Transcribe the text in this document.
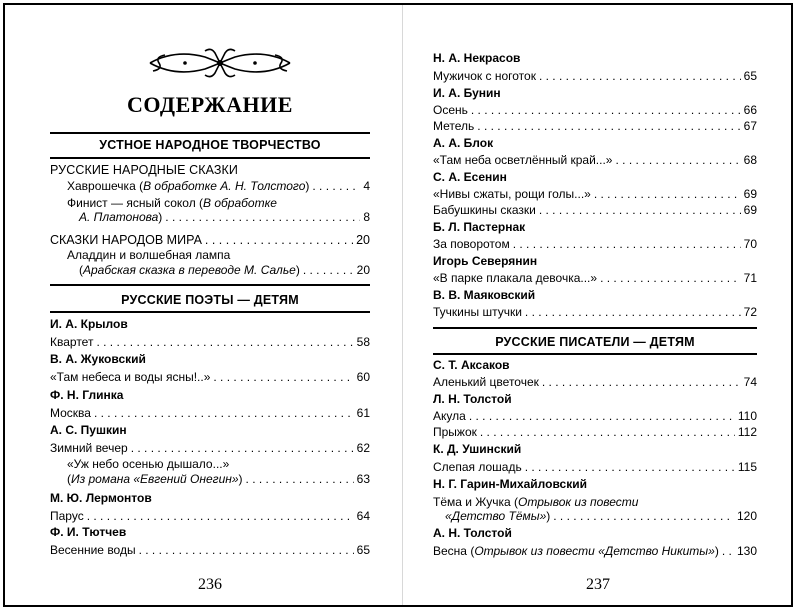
СОДЕРЖАНИЕ
УСТНОЕ НАРОДНОЕ ТВОРЧЕСТВО
РУССКИЕ НАРОДНЫЕ СКАЗКИ
Хаврошечка (В обработке А. Н. Толстого) . . .	4
Финист — ясный сокол (В обработке
А. Платонова) . . .	8
СКАЗКИ НАРОДОВ МИРА . . .	20
Аладдин и волшебная лампа
(Арабская сказка в переводе М. Салье) . . .	20
РУССКИЕ ПОЭТЫ — ДЕТЯМ
И. А. Крылов
Квартет . . .	58
В. А. Жуковский
«Там небеса и воды ясны!..» . . .	60
Ф. Н. Глинка
Москва . . .	61
А. С. Пушкин
Зимний вечер . . .	62
«Уж небо осенью дышало...»
(Из романа «Евгений Онегин») . . .	63
М. Ю. Лермонтов
Парус . . .	64
Ф. И. Тютчев
Весенние воды . . .	65
236
Н. А. Некрасов
Мужичок с ноготок . . .	65
И. А. Бунин
Осень . . .	66
Метель . . .	67
А. А. Блок
«Там неба осветлённый край...» . . .	68
С. А. Есенин
«Нивы сжаты, рощи голы...» . . .	69
Бабушкины сказки . . .	69
Б. Л. Пастернак
За поворотом . . .	70
Игорь Северянин
«В парке плакала девочка...» . . .	71
В. В. Маяковский
Тучкины штучки . . .	72
РУССКИЕ ПИСАТЕЛИ — ДЕТЯМ
С. Т. Аксаков
Аленький цветочек . . .	74
Л. Н. Толстой
Акула . . .	110
Прыжок . . .	112
К. Д. Ушинский
Слепая лошадь . . .	115
Н. Г. Гарин-Михайловский
Тёма и Жучка (Отрывок из повести
«Детство Тёмы») . . .	120
А. Н. Толстой
Весна (Отрывок из повести «Детство Никиты») . . . 130
237
